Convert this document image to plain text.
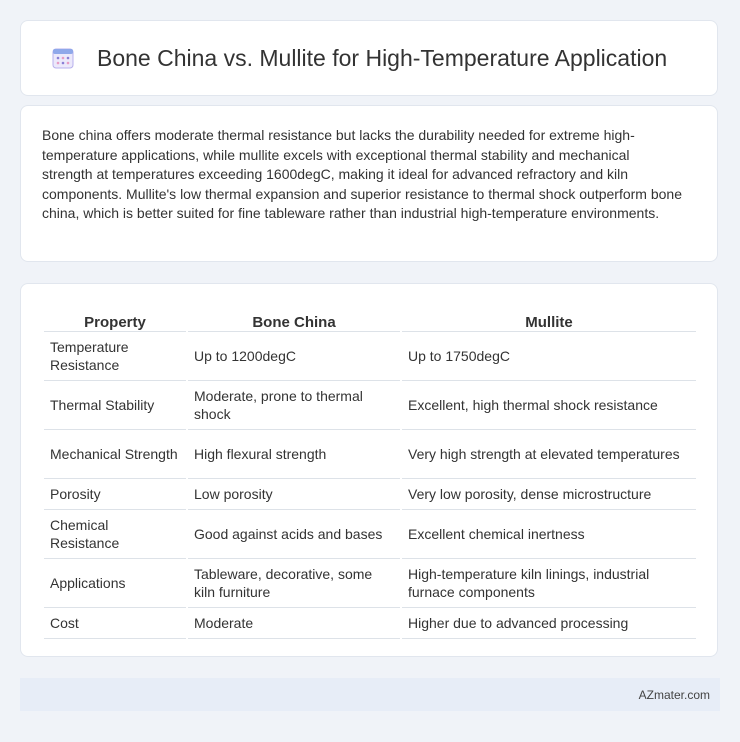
Bone China vs. Mullite for High-Temperature Application

Bone china offers moderate thermal resistance but lacks the durability needed for extreme high-temperature applications, while mullite excels with exceptional thermal stability and mechanical strength at temperatures exceeding 1600degC, making it ideal for advanced refractory and kiln components. Mullite's low thermal expansion and superior resistance to thermal shock outperform bone china, which is better suited for fine tableware rather than industrial high-temperature environments.

Property	Bone China	Mullite
Temperature Resistance	Up to 1200degC	Up to 1750degC
Thermal Stability	Moderate, prone to thermal shock	Excellent, high thermal shock resistance
Mechanical Strength	High flexural strength	Very high strength at elevated temperatures
Porosity	Low porosity	Very low porosity, dense microstructure
Chemical Resistance	Good against acids and bases	Excellent chemical inertness
Applications	Tableware, decorative, some kiln furniture	High-temperature kiln linings, industrial furnace components
Cost	Moderate	Higher due to advanced processing
AZmater.com
